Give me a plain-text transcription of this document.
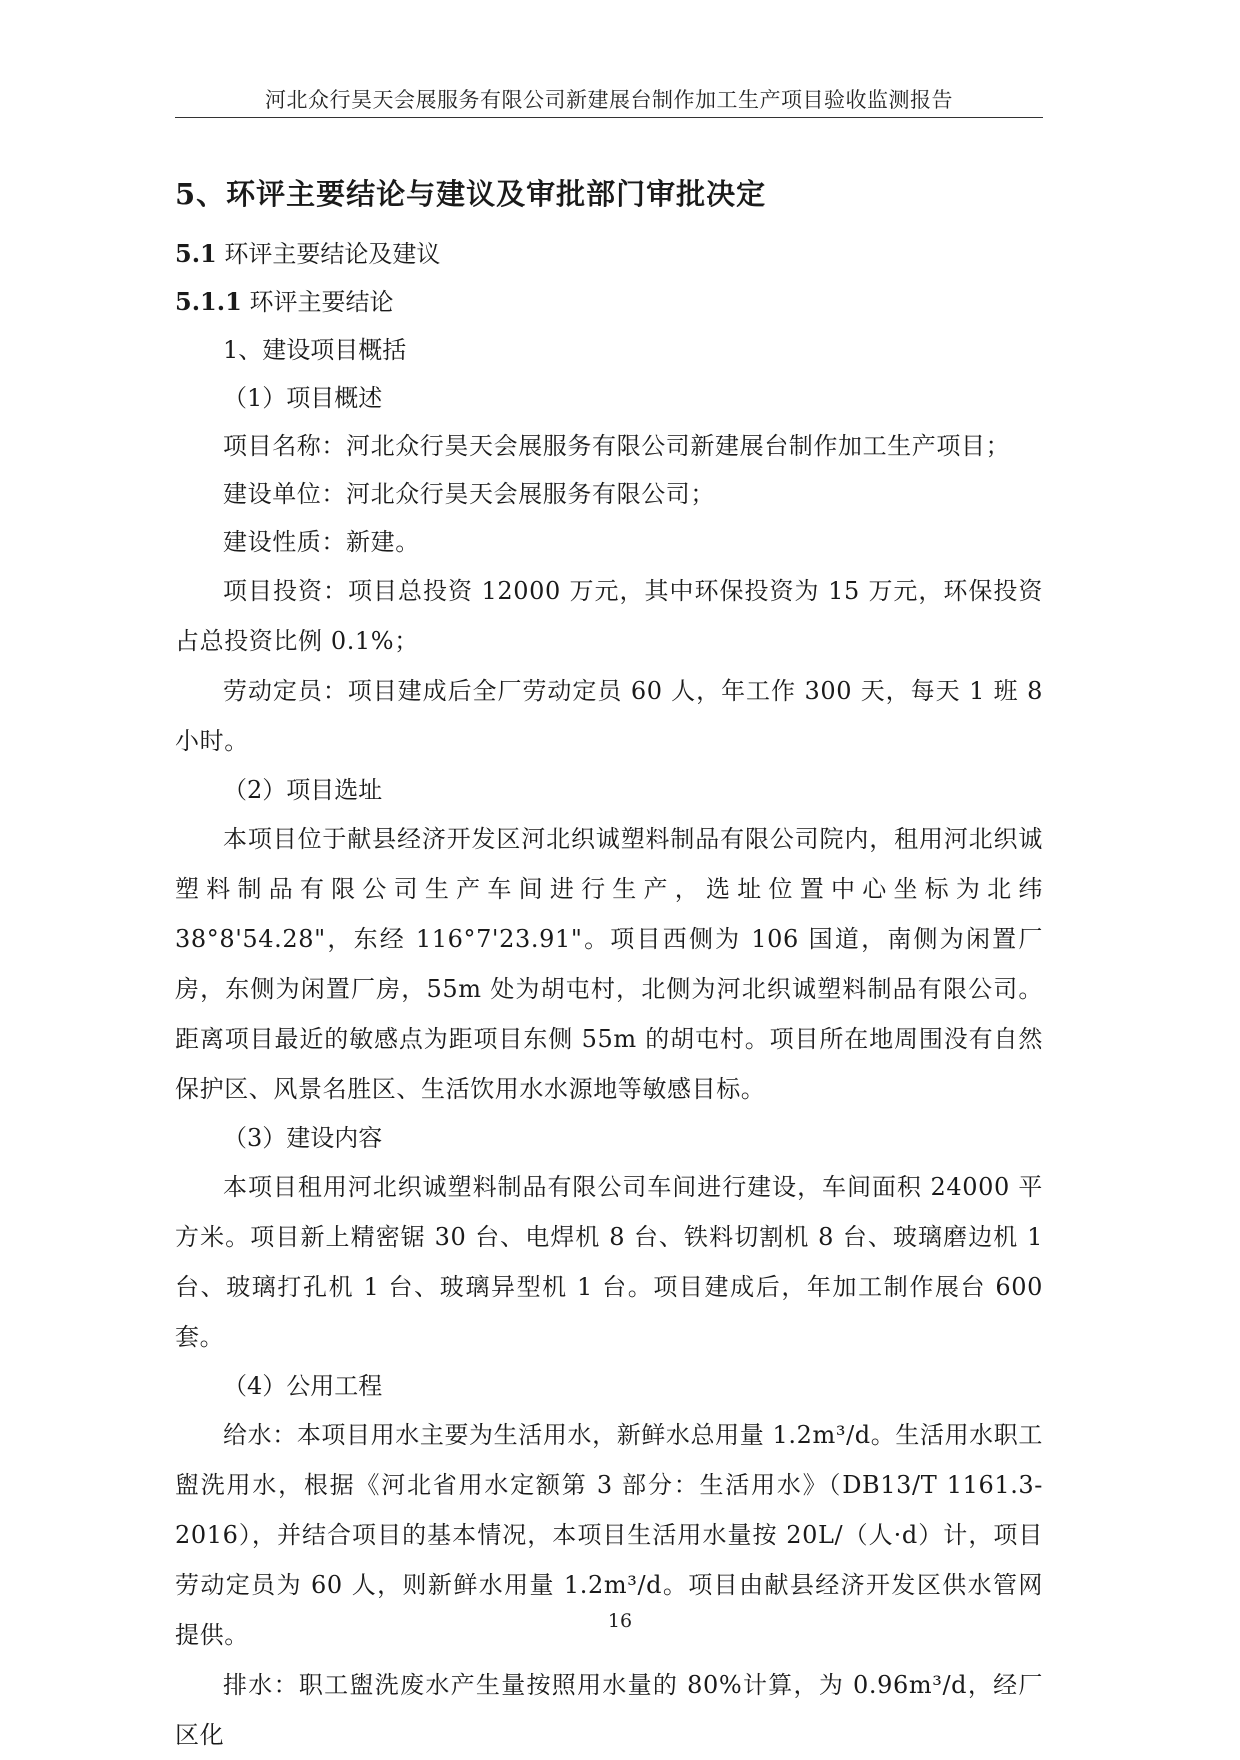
河北众行昊天会展服务有限公司新建展台制作加工生产项目验收监测报告
5、环评主要结论与建议及审批部门审批决定
5.1 环评主要结论及建议
5.1.1 环评主要结论
1、建设项目概括
（1）项目概述
项目名称：河北众行昊天会展服务有限公司新建展台制作加工生产项目；
建设单位：河北众行昊天会展服务有限公司；
建设性质：新建。
项目投资：项目总投资 12000 万元，其中环保投资为 15 万元，环保投资占总投资比例 0.1%；
劳动定员：项目建成后全厂劳动定员 60 人，年工作 300 天，每天 1 班 8 小时。
（2）项目选址
本项目位于献县经济开发区河北织诚塑料制品有限公司院内，租用河北织诚塑料制品有限公司生产车间进行生产，选址位置中心坐标为北纬 38°8'54.28"，东经 116°7'23.91"。项目西侧为 106 国道，南侧为闲置厂房，东侧为闲置厂房，55m 处为胡屯村，北侧为河北织诚塑料制品有限公司。距离项目最近的敏感点为距项目东侧 55m 的胡屯村。项目所在地周围没有自然保护区、风景名胜区、生活饮用水水源地等敏感目标。
（3）建设内容
本项目租用河北织诚塑料制品有限公司车间进行建设，车间面积 24000 平方米。项目新上精密锯 30 台、电焊机 8 台、铁料切割机 8 台、玻璃磨边机 1 台、玻璃打孔机 1 台、玻璃异型机 1 台。项目建成后，年加工制作展台 600 套。
（4）公用工程
给水：本项目用水主要为生活用水，新鲜水总用量 1.2m³/d。生活用水职工盥洗用水，根据《河北省用水定额第 3 部分：生活用水》（DB13/T 1161.3-2016），并结合项目的基本情况，本项目生活用水量按 20L/（人·d）计，项目劳动定员为 60 人，则新鲜水用量 1.2m³/d。项目由献县经济开发区供水管网提供。
排水：职工盥洗废水产生量按照用水量的 80%计算，为 0.96m³/d，经厂区化
16
